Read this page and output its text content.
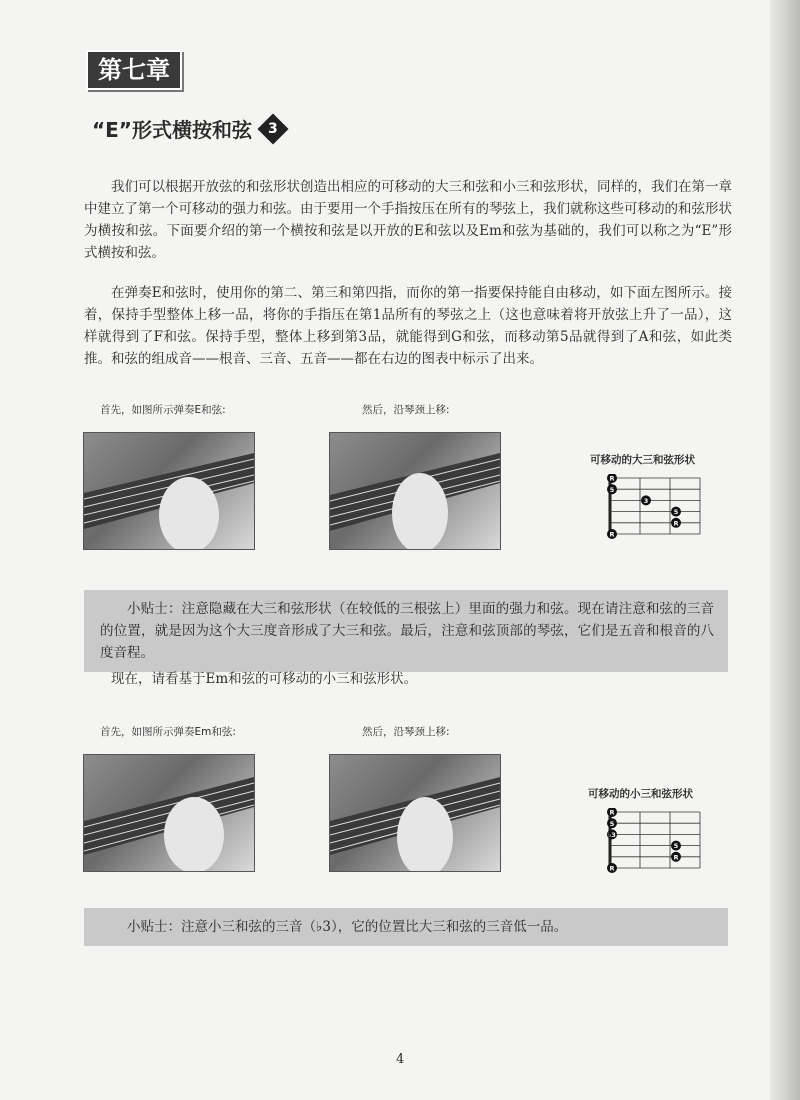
第七章
“E”形式横按和弦 3

我们可以根据开放弦的和弦形状创造出相应的可移动的大三和弦和小三和弦形状，同样的，我们在第一章中建立了第一个可移动的强力和弦。由于要用一个手指按压在所有的琴弦上，我们就称这些可移动的和弦形状为横按和弦。下面要介绍的第一个横按和弦是以开放的E和弦以及Em和弦为基础的，我们可以称之为“E”形式横按和弦。

在弹奏E和弦时，使用你的第二、第三和第四指，而你的第一指要保持能自由移动，如下面左图所示。接着，保持手型整体上移一品，将你的手指压在第1品所有的琴弦之上（这也意味着将开放弦上升了一品），这样就得到了F和弦。保持手型，整体上移到第3品，就能得到G和弦，而移动第5品就得到了A和弦，如此类推。和弦的组成音——根音、三音、五音——都在右边的图表中标示了出来。

首先，如图所示弹奏E和弦:	然后，沿琴颈上移:
可移动的大三和弦形状
R
5
R
3
5
R
小贴士：注意隐藏在大三和弦形状（在较低的三根弦上）里面的强力和弦。现在请注意和弦的三音的位置，就是因为这个大三度音形成了大三和弦。最后，注意和弦顶部的琴弦，它们是五音和根音的八度音程。

现在，请看基于Em和弦的可移动的小三和弦形状。

首先，如图所示弹奏Em和弦:	然后，沿琴颈上移:
可移动的小三和弦形状
R
5
♭3
R
5
R
小贴士：注意小三和弦的三音（♭3），它的位置比大三和弦的三音低一品。
4
